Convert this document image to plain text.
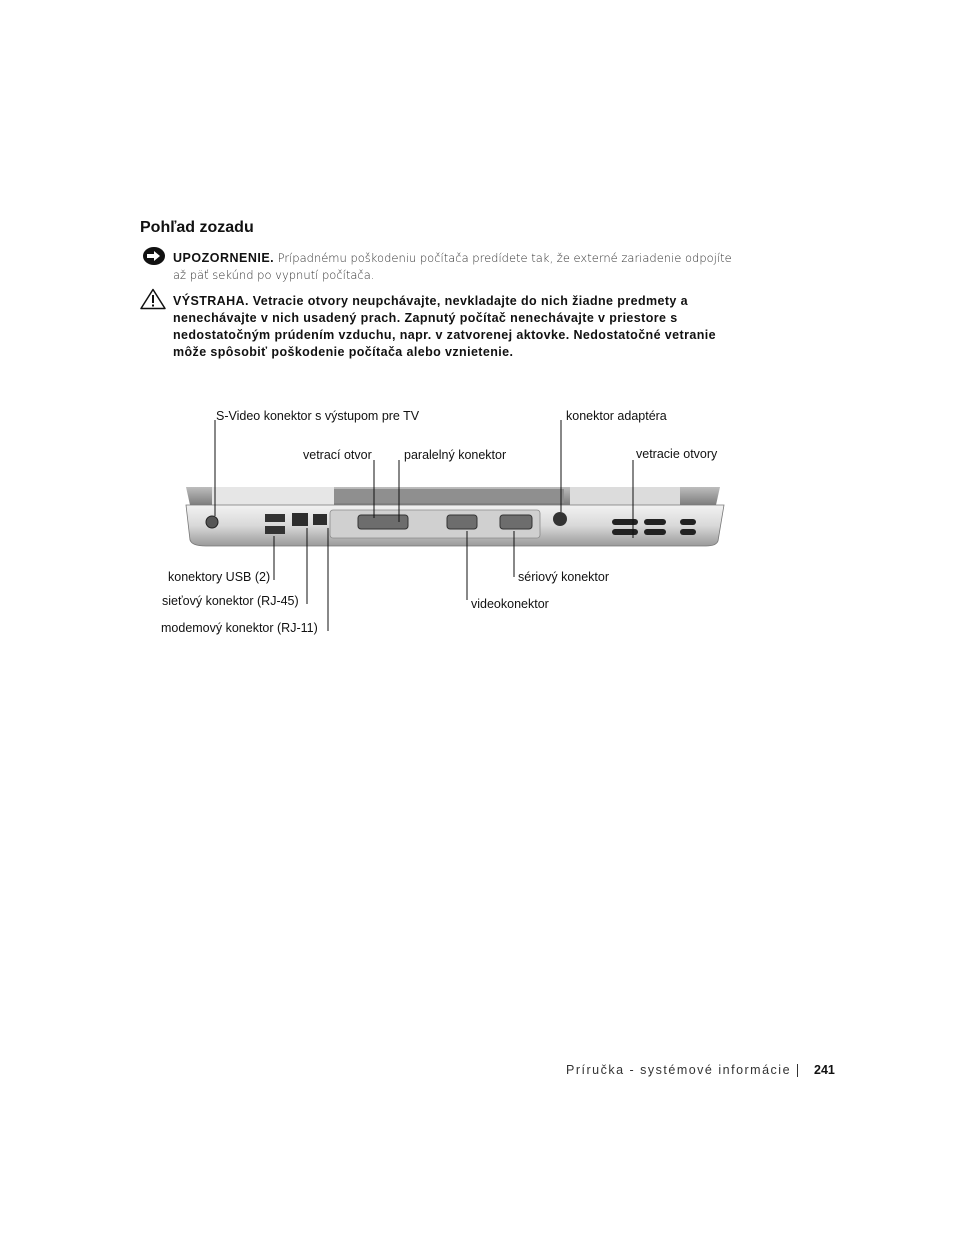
Pohľad zozadu
UPOZORNENIE. Prípadnému poškodeniu počítača predídete tak, že externé zariadenie odpojíte až päť sekúnd po vypnutí počítača.
VÝSTRAHA. Vetracie otvory neupchávajte, nevkladajte do nich žiadne predmety a nenechávajte v nich usadený prach. Zapnutý počítač nenechávajte v priestore s nedostatočným prúdením vzduchu, napr. v zatvorenej aktovke. Nedostatočné vetranie môže spôsobiť poškodenie počítača alebo vznietenie.
S-Video konektor s výstupom pre TV	konektor adaptéra
vetrací otvor	paralelný konektor	vetracie otvory
konektory USB (2)	sériový konektor
sieťový konektor (RJ-45)	videokonektor
modemový konektor (RJ-11)
Príručka - systémové informácie 241
